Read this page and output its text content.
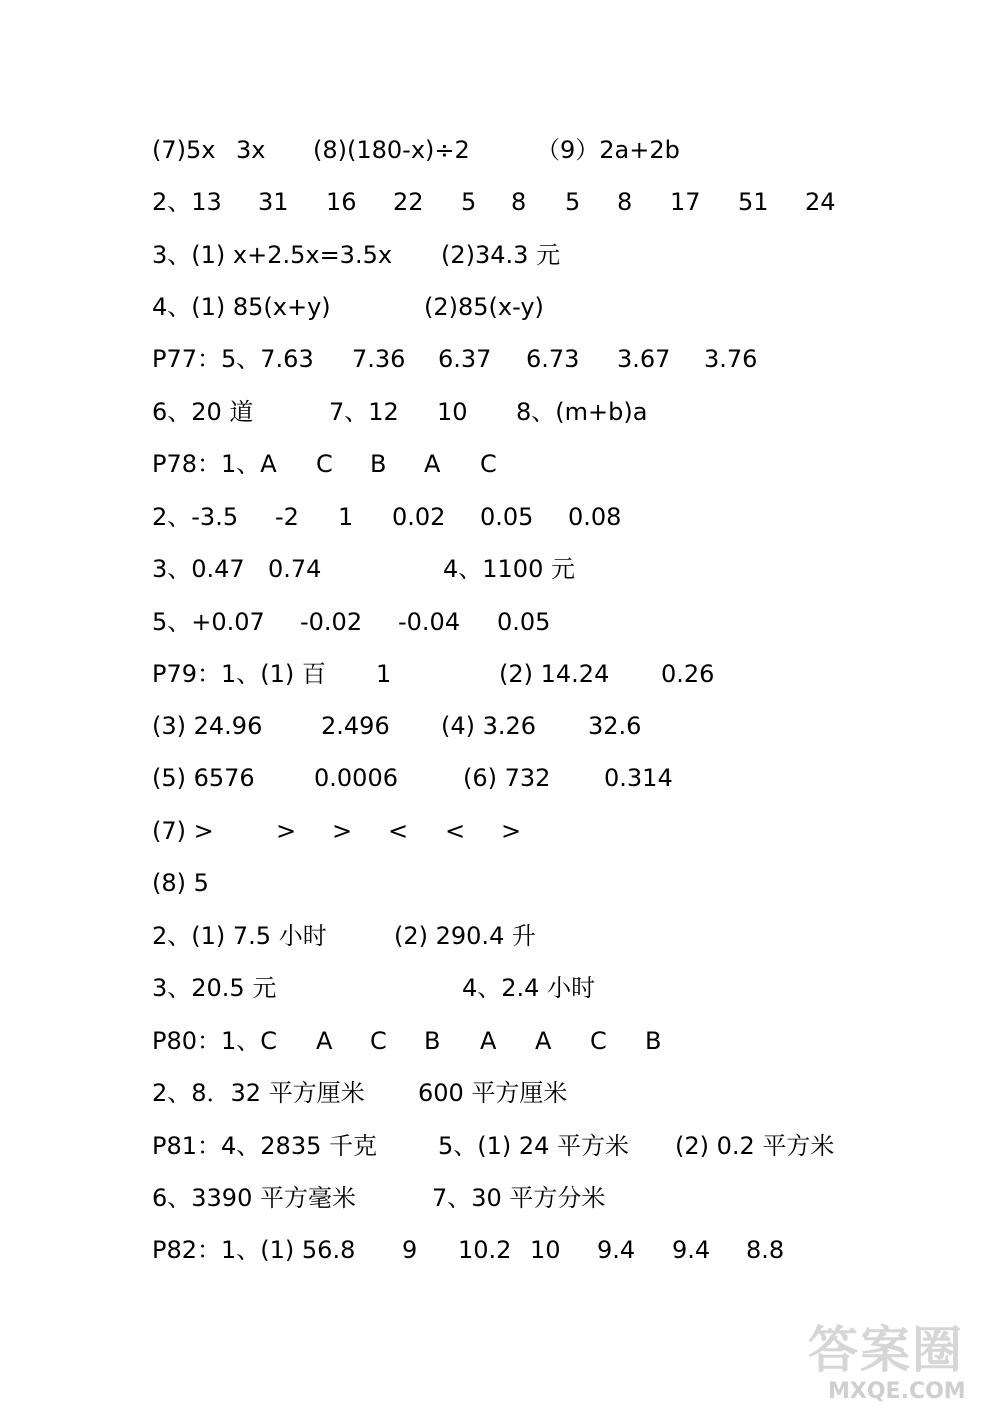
(7)5x 3x (8)(180-x)÷2	（9）2a+2b
2、13 31 16 22 5 8 5 8 17 51 24
3、(1) x+2.5x=3.5x (2)34.3 元
4、(1) 85(x+y)	(2)85(x-y)
P77：5、7.63 7.36 6.37 6.73 3.67 3.76
6、20 道	7、12 10 8、(m+b)a
P78：1、A C B A C
2、-3.5 -2 1 0.02 0.05 0.08
3、0.47 0.74	4、1100 元
5、+0.07 -0.02 -0.04 0.05
P79：1、(1) 百 1	(2) 14.24 0.26
(3) 24.96 2.496 (4) 3.26 32.6
(5) 6576 0.0006	(6) 732 0.314
(7) >	> > < < >
(8) 5
2、(1) 7.5 小时	(2) 290.4 升
3、20.5 元	4、2.4 小时
P80：1、C A C B A A C B
2、8．32 平方厘米 600 平方厘米
P81：4、2835 千克	5、(1) 24 平方米 (2) 0.2 平方米
6、3390 平方毫米	7、30 平方分米
P82：1、(1) 56.8 9 10.2 10 9.4 9.4 8.8
答案圈
MXQE.COM
